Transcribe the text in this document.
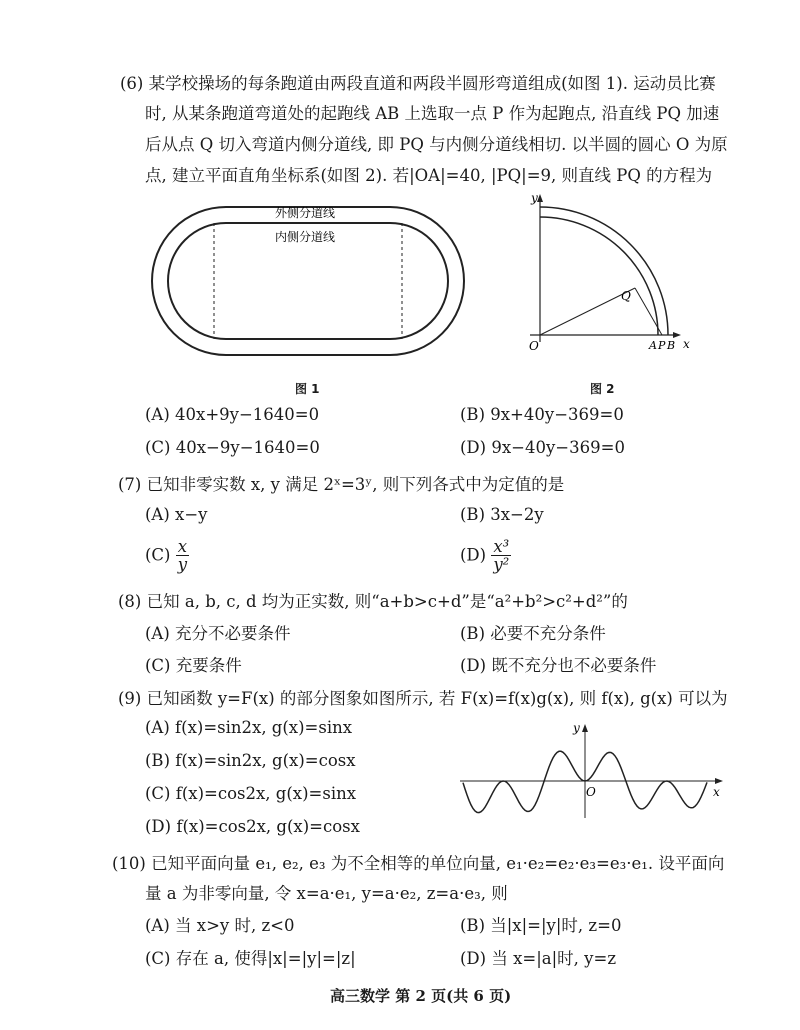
(6) 某学校操场的每条跑道由两段直道和两段半圆形弯道组成(如图 1). 运动员比赛
时, 从某条跑道弯道处的起跑线 AB 上选取一点 P 作为起跑点, 沿直线 PQ 加速
后从点 Q 切入弯道内侧分道线, 即 PQ 与内侧分道线相切. 以半圆的圆心 O 为原
点, 建立平面直角坐标系(如图 2). 若|OA|=40, |PQ|=9, 则直线 PQ 的方程为
外侧分道线
内侧分道线
图 1
y
x
O
Q
A P B
图 2
(A) 40x+9y−1640=0	(B) 9x+40y−369=0
(C) 40x−9y−1640=0	(D) 9x−40y−369=0
(7) 已知非零实数 x, y 满足 2ˣ=3ʸ, 则下列各式中为定值的是
(A) x−y	(B) 3x−2y
$(C) \frac{x}{y}$	$(D) \frac{\text{x³}}{\text{y²}}$
(8) 已知 a, b, c, d 均为正实数, 则“a+b>c+d”是“a²+b²>c²+d²”的
(A) 充分不必要条件	(B) 必要不充分条件
(C) 充要条件	(D) 既不充分也不必要条件
(9) 已知函数 y=F(x) 的部分图象如图所示, 若 F(x)=f(x)g(x), 则 f(x), g(x) 可以为
(A) f(x)=sin2x, g(x)=sinx
(B) f(x)=sin2x, g(x)=cosx
(C) f(x)=cos2x, g(x)=sinx
(D) f(x)=cos2x, g(x)=cosx
y
x
O
(10) 已知平面向量 e₁, e₂, e₃ 为不全相等的单位向量, e₁·e₂=e₂·e₃=e₃·e₁. 设平面向
量 a 为非零向量, 令 x=a·e₁, y=a·e₂, z=a·e₃, 则
(A) 当 x>y 时, z<0	(B) 当|x|=|y|时, z=0
(C) 存在 a, 使得|x|=|y|=|z|	(D) 当 x=|a|时, y=z
高三数学 第 2 页(共 6 页)
